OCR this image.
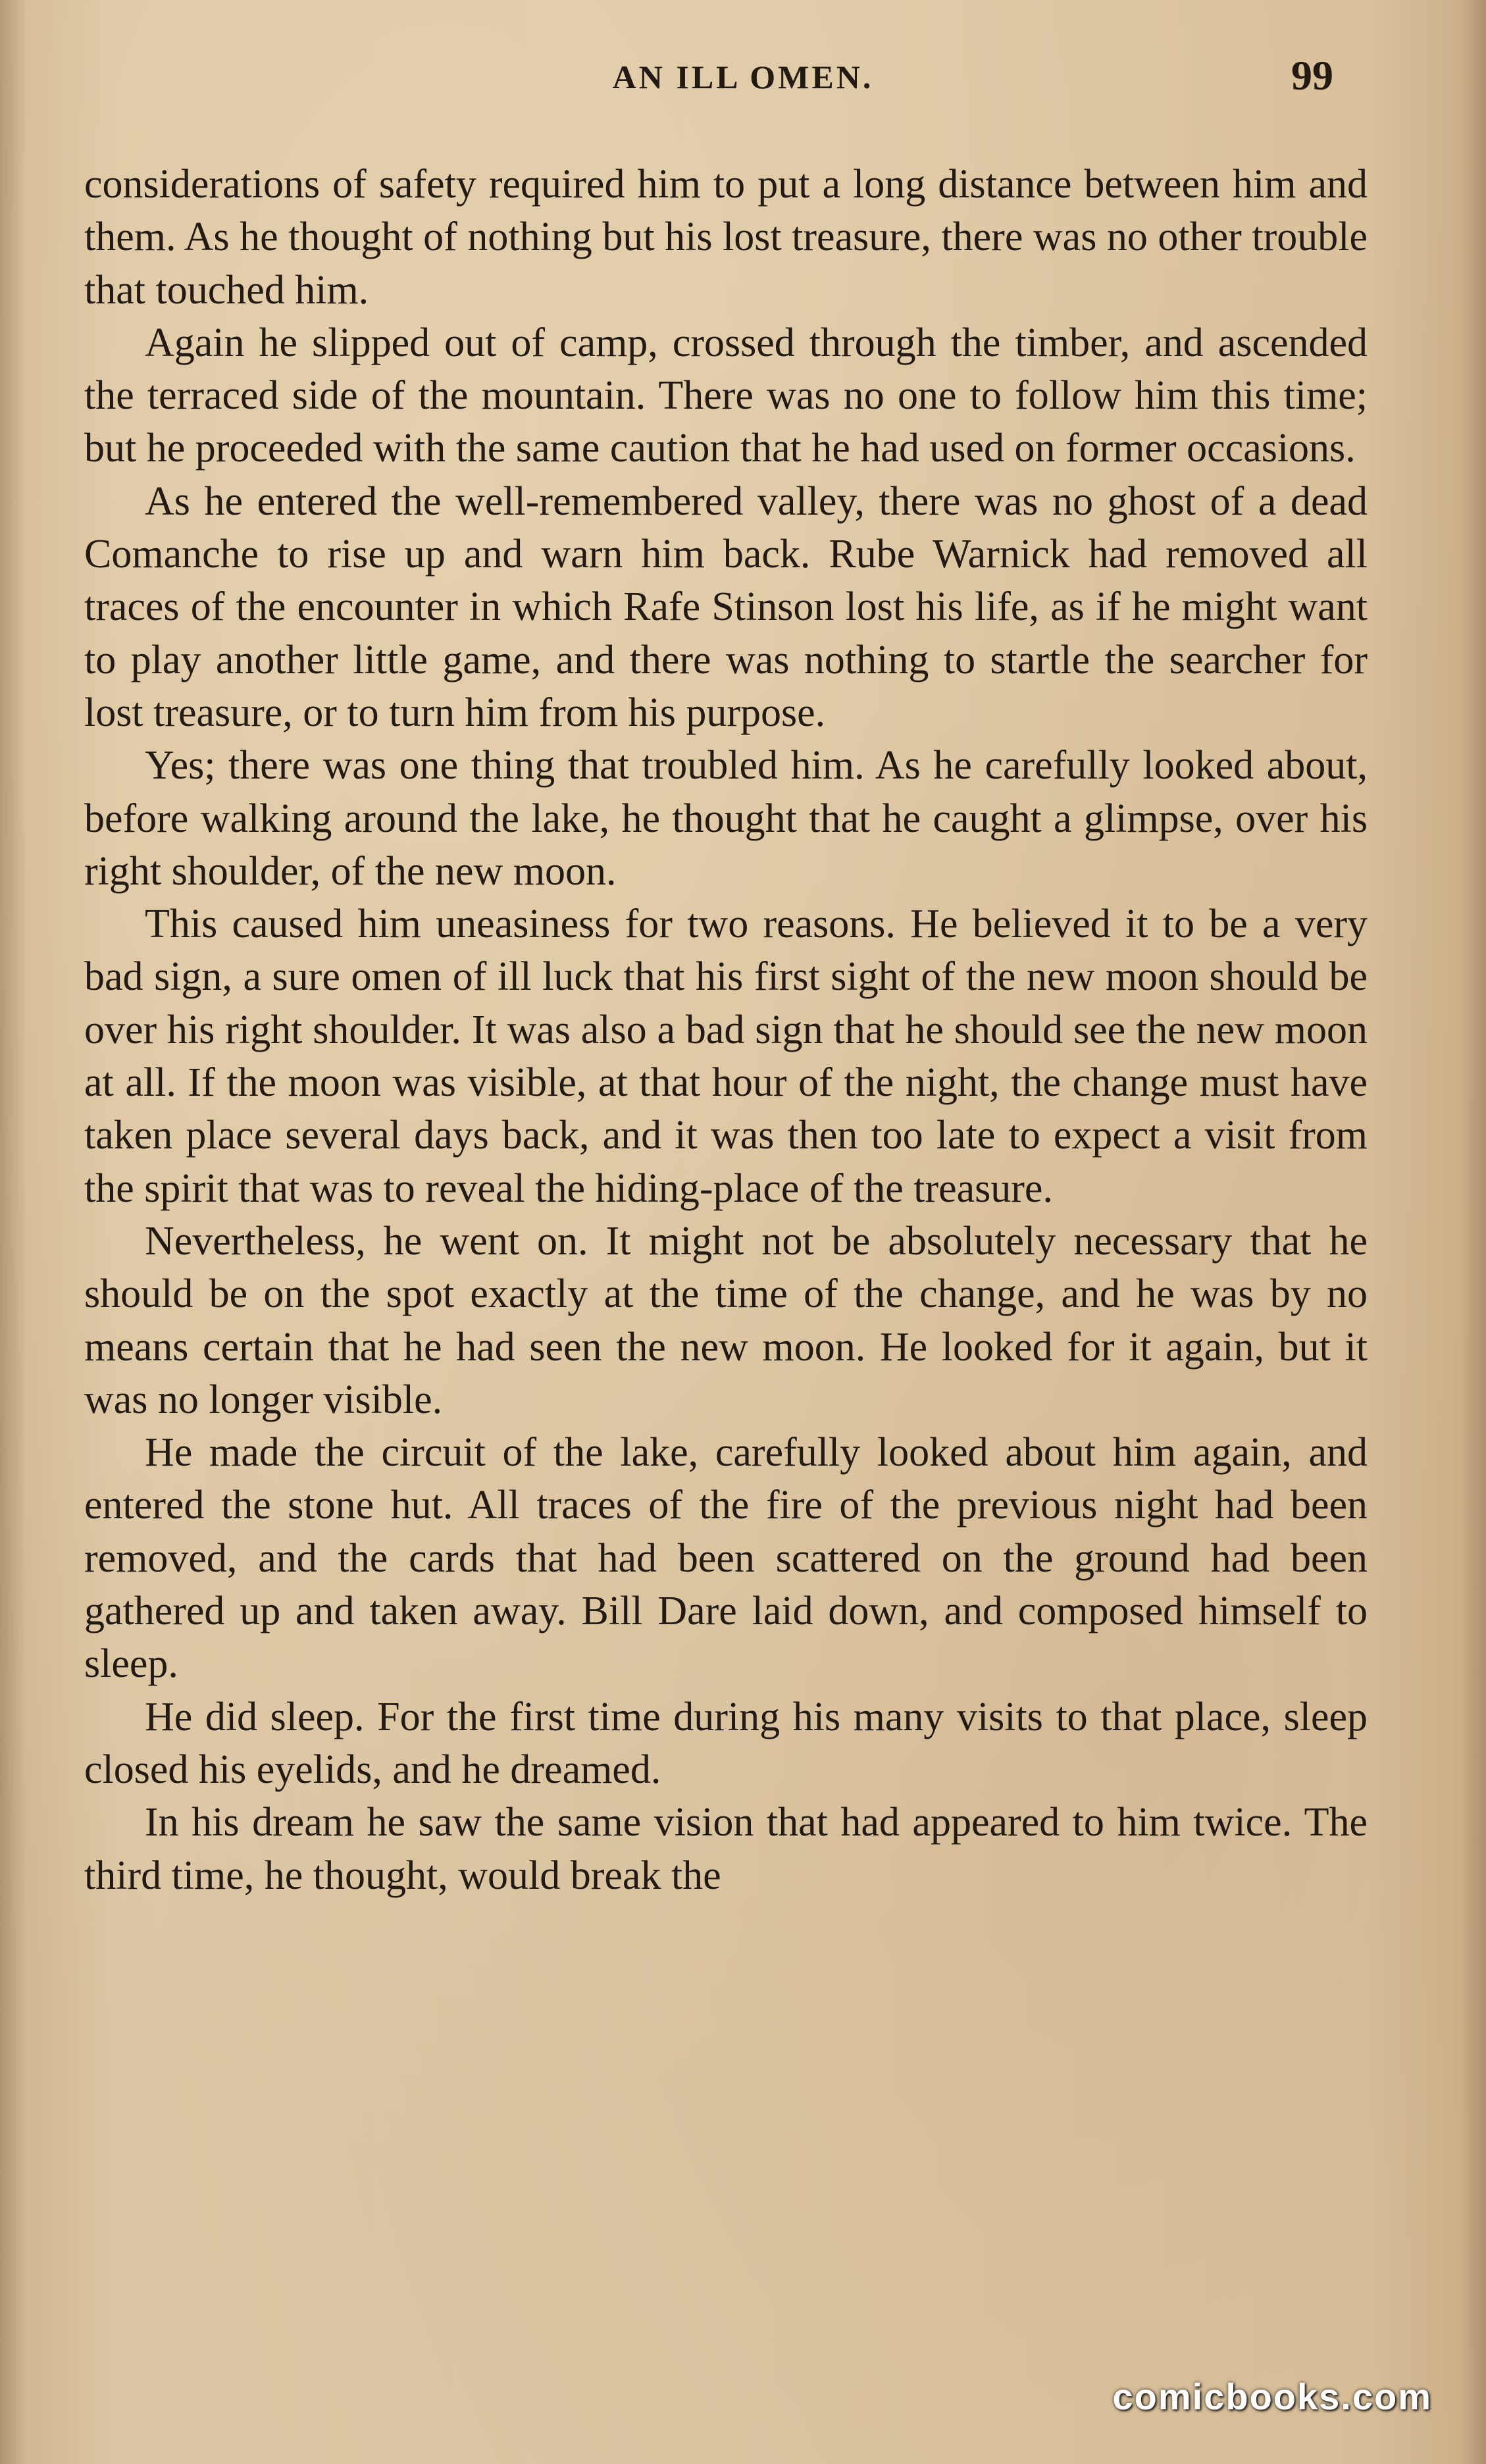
AN ILL OMEN.	99

considerations of safety required him to put a long distance between him and them. As he thought of nothing but his lost treasure, there was no other trouble that touched him.

Again he slipped out of camp, crossed through the timber, and ascended the terraced side of the mountain. There was no one to follow him this time; but he proceeded with the same caution that he had used on former occasions.

As he entered the well-remembered valley, there was no ghost of a dead Comanche to rise up and warn him back. Rube Warnick had removed all traces of the encounter in which Rafe Stinson lost his life, as if he might want to play another little game, and there was nothing to startle the searcher for lost treasure, or to turn him from his purpose.

Yes; there was one thing that troubled him. As he carefully looked about, before walking around the lake, he thought that he caught a glimpse, over his right shoulder, of the new moon.

This caused him uneasiness for two reasons. He believed it to be a very bad sign, a sure omen of ill luck that his first sight of the new moon should be over his right shoulder. It was also a bad sign that he should see the new moon at all. If the moon was visible, at that hour of the night, the change must have taken place several days back, and it was then too late to expect a visit from the spirit that was to reveal the hiding-place of the treasure.

Nevertheless, he went on. It might not be absolutely necessary that he should be on the spot exactly at the time of the change, and he was by no means certain that he had seen the new moon. He looked for it again, but it was no longer visible.

He made the circuit of the lake, carefully looked about him again, and entered the stone hut. All traces of the fire of the previous night had been removed, and the cards that had been scattered on the ground had been gathered up and taken away. Bill Dare laid down, and composed himself to sleep.

He did sleep. For the first time during his many visits to that place, sleep closed his eyelids, and he dreamed.

In his dream he saw the same vision that had appeared to him twice. The third time, he thought, would break the

comicbooks.com
